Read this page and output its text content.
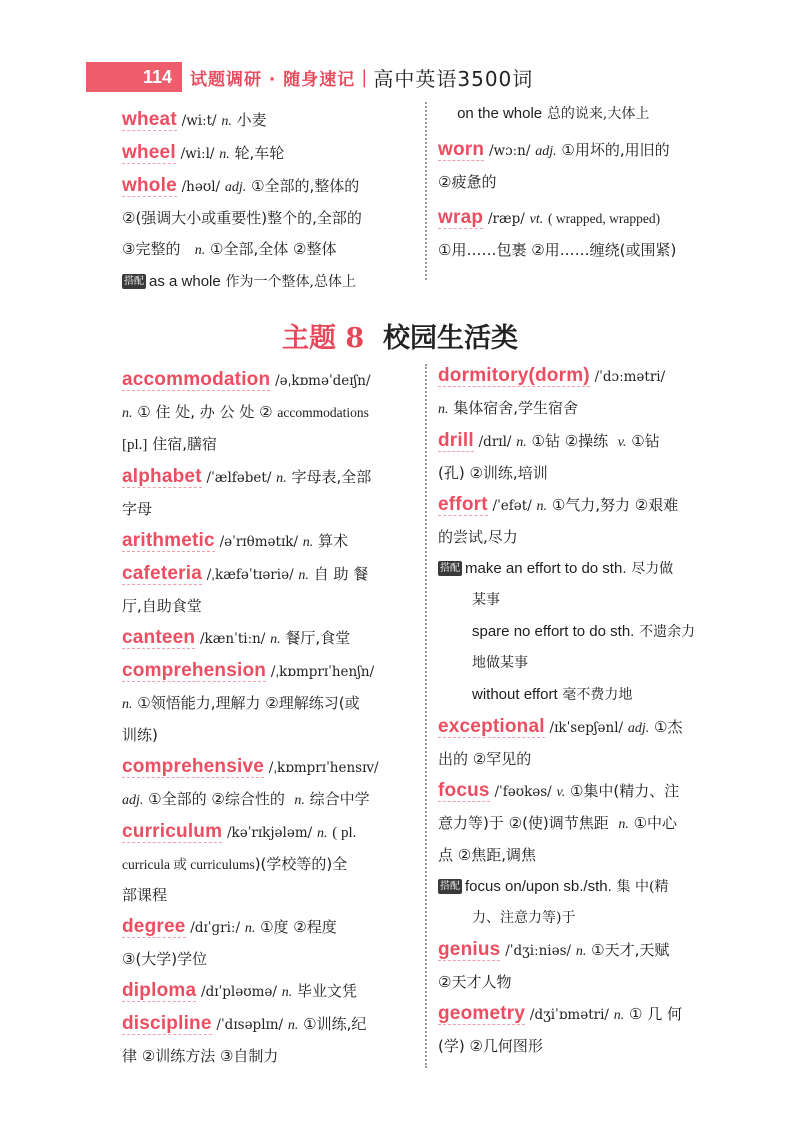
114	试题调研 · 随身速记 | 高中英语3500词
wheat /wiːt/ n. 小麦
wheel /wiːl/ n. 轮,车轮
whole /həʊl/ adj. ①全部的,整体的
②(强调大小或重要性)整个的,全部的
③完整的 n. ①全部,全体 ②整体
搭配 as a whole 作为一个整体,总体上
on the whole 总的说来,大体上
worn /wɔːn/ adj. ①用坏的,用旧的
②疲惫的
wrap /ræp/ vt. ( wrapped, wrapped)
①用……包裹 ②用……缠绕(或围紧)
主题 8 校园生活类
accommodation /əˌkɒməˈdeɪʃn/
n. ① 住 处, 办 公 处 ② accommodations
[pl.] 住宿,膳宿
alphabet /ˈælfəbet/ n. 字母表,全部
字母
arithmetic /əˈrɪθmətɪk/ n. 算术
cafeteria /ˌkæfəˈtɪəriə/ n. 自 助 餐
厅,自助食堂
canteen /kænˈtiːn/ n. 餐厅,食堂
comprehension /ˌkɒmprɪˈhenʃn/
n. ①领悟能力,理解力 ②理解练习(或
训练)
comprehensive /ˌkɒmprɪˈhensɪv/
adj. ①全部的 ②综合性的 n. 综合中学
curriculum /kəˈrɪkjələm/ n. ( pl.
curricula 或 curriculums)(学校等的)全
部课程
degree /dɪˈɡriː/ n. ①度 ②程度
③(大学)学位
diploma /dɪˈpləʊmə/ n. 毕业文凭
discipline /ˈdɪsəplɪn/ n. ①训练,纪
律 ②训练方法 ③自制力
dormitory(dorm) /ˈdɔːmətri/
n. 集体宿舍,学生宿舍
drill /drɪl/ n. ①钻 ②操练 v. ①钻
(孔) ②训练,培训
effort /ˈefət/ n. ①气力,努力 ②艰难
的尝试,尽力
搭配 make an effort to do sth. 尽力做
某事
spare no effort to do sth. 不遗余力
地做某事
without effort 毫不费力地
exceptional /ɪkˈsepʃənl/ adj. ①杰
出的 ②罕见的
focus /ˈfəʊkəs/ v. ①集中(精力、注
意力等)于 ②(使)调节焦距 n. ①中心
点 ②焦距,调焦
搭配 focus on/upon sb./sth. 集 中(精
力、注意力等)于
genius /ˈdʒiːniəs/ n. ①天才,天赋
②天才人物
geometry /dʒiˈɒmətri/ n. ① 几 何
(学) ②几何图形
